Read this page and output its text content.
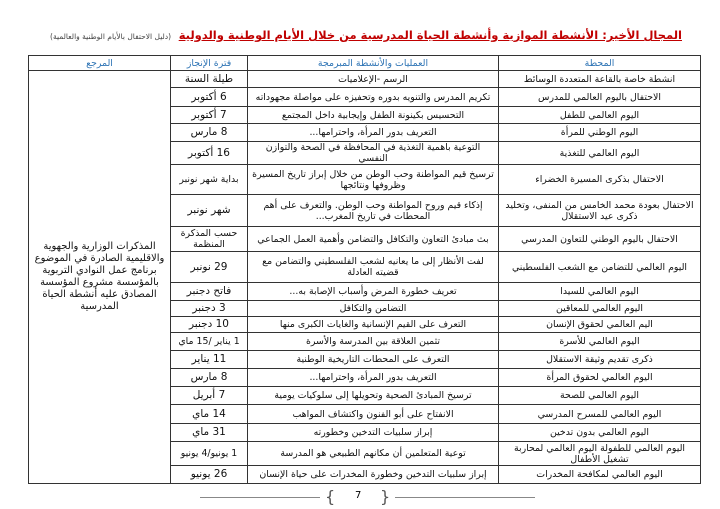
المجال الأخير: الأنشطة الموازية وأنشطة الحياة المدرسية من خلال الأيام الوطنية والدولية (دليل الاحتفال بالأيام الوطنية والعالمية)
المحطة	العمليات والأنشطة المبرمجة	فترة الإنجاز	المرجع
انشطة خاصة بالقاعة المتعددة الوسائط	الرسم -الإعلاميات	طيلة السنة	المذكرات الوزارية والجهوية والاقليمية الصادرة في الموضوع برنامج عمل النوادي التربوية بالمؤسسة مشروع المؤسسة المصادق عليه أنشطة الحياة المدرسية
الاحتفال باليوم العالمي للمدرس	تكريم المدرس والتنويه بدوره وتحفيزه على مواصلة مجهوداته	6 أكتوبر	
اليوم العالمي للطفل	التحسيس بكينونة الطفل وإيجابية داخل المجتمع	7 أكتوبر	
اليوم الوطني للمرأة	التعريف بدور المرأة، واحترامها...	8 مارس	
اليوم العالمي للتغذية	التوعية باهمية التغذية في المحافظة في الصحة والتوازن النفسي	16 أكتوبر	
الاحتفال بذكرى المسيرة الخضراء	ترسيخ قيم المواطنة وحب الوطن من خلال إبراز تاريخ المسيرة وظروفها ونتائجها	بداية شهر نونبر	
الاحتفال بعودة محمد الخامس من المنفى، وتخليد ذكرى عيد الاستقلال	إذكاء قيم وروح المواطنة وحب الوطن. والتعرف على أهم المحطات في تاريخ المغرب...	شهر نونبر	
الاحتفال باليوم الوطني للتعاون المدرسي	بث مبادئ التعاون والتكافل والتضامن وأهمية العمل الجماعي	حسب المذكرة المنظمة	
اليوم العالمي للتضامن مع الشعب الفلسطيني	لفت الأنظار إلى ما يعانيه لشعب الفلسطيني والتضامن مع قضيته العادلة	29 نونبر	
اليوم العالمي للسيدا	تعريف خطورة المرض وأسباب الإصابة به...	فاتح دجنبر	
اليوم العالمي للمعاقين	التضامن والتكافل	3 دجنبر	
اليم العالمي لحقوق الإنسان	التعرف على القيم الإنسانية والغايات الكبرى منها	10 دجنبر	
اليوم العالمي للأسرة	تثمين العلاقة بين المدرسة والأسرة	1 يناير /15 ماي	
ذكرى تقديم وثيقة الاستقلال	التعرف على المحطات التاريخية الوطنية	11 يناير	
اليوم العالمي لحقوق المرأة	التعريف بدور المرأة، واحترامها...	8 مارس	
اليوم العالمي للصحة	ترسيخ المبادئ الصحية وتحويلها إلى سلوكيات يومية	7 أبريل	
اليوم العالمي للمسرح المدرسي	الانفتاح على أبو الفنون واكتشاف المواهب	14 ماي	
اليوم العالمي بدون تدخين	إبراز سلبيات التدخين وخطورته	31 ماي	
اليوم العالمي للطفولة اليوم العالمي لمحاربة تشغيل الأطفال	توعية المتعلمين أن مكانهم الطبيعي هو المدرسة	1 يونيو/4 يونيو	
اليوم العالمي لمكافحة المخدرات	إبراز سلبيات التدخين وخطورة المخدرات على حياة الإنسان	26 يونيو	
{ 7 }
